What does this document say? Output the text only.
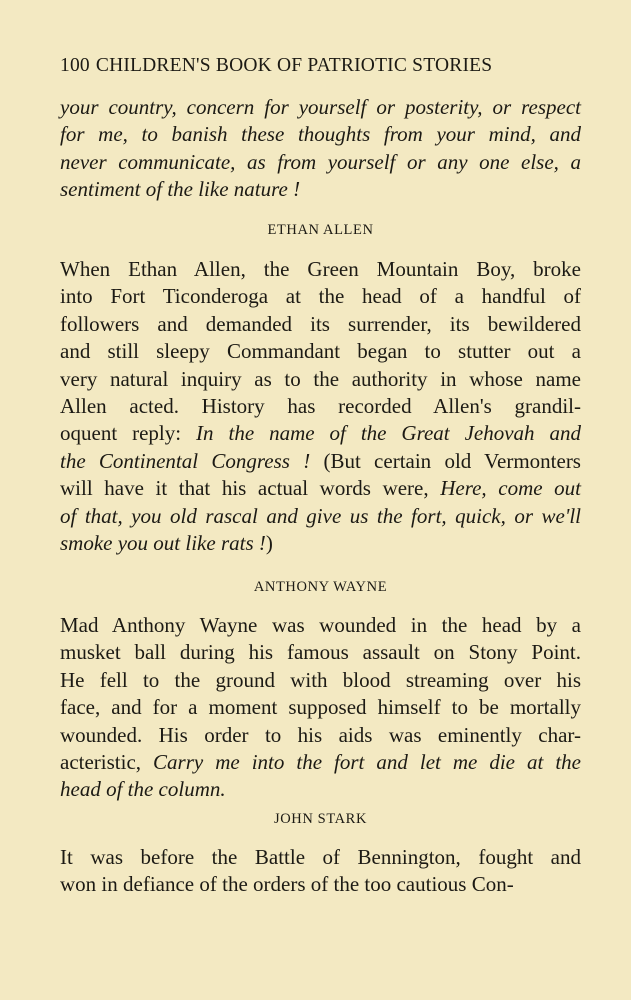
100 CHILDREN'S BOOK OF PATRIOTIC STORIES
your country, concern for yourself or posterity, or respect
for me, to banish these thoughts from your mind, and
never communicate, as from yourself or any one else, a
sentiment of the like nature !
ETHAN ALLEN
When Ethan Allen, the Green Mountain Boy, broke
into Fort Ticonderoga at the head of a handful of
followers and demanded its surrender, its bewildered
and still sleepy Commandant began to stutter out a
very natural inquiry as to the authority in whose name
Allen acted. History has recorded Allen's grandil-
oquent reply: In the name of the Great Jehovah and
the Continental Congress ! (But certain old Vermonters
will have it that his actual words were, Here, come out
of that, you old rascal and give us the fort, quick, or we'll
smoke you out like rats !)
ANTHONY WAYNE
Mad Anthony Wayne was wounded in the head by a
musket ball during his famous assault on Stony Point.
He fell to the ground with blood streaming over his
face, and for a moment supposed himself to be mortally
wounded. His order to his aids was eminently char-
acteristic, Carry me into the fort and let me die at the
head of the column.
JOHN STARK
It was before the Battle of Bennington, fought and
won in defiance of the orders of the too cautious Con-
